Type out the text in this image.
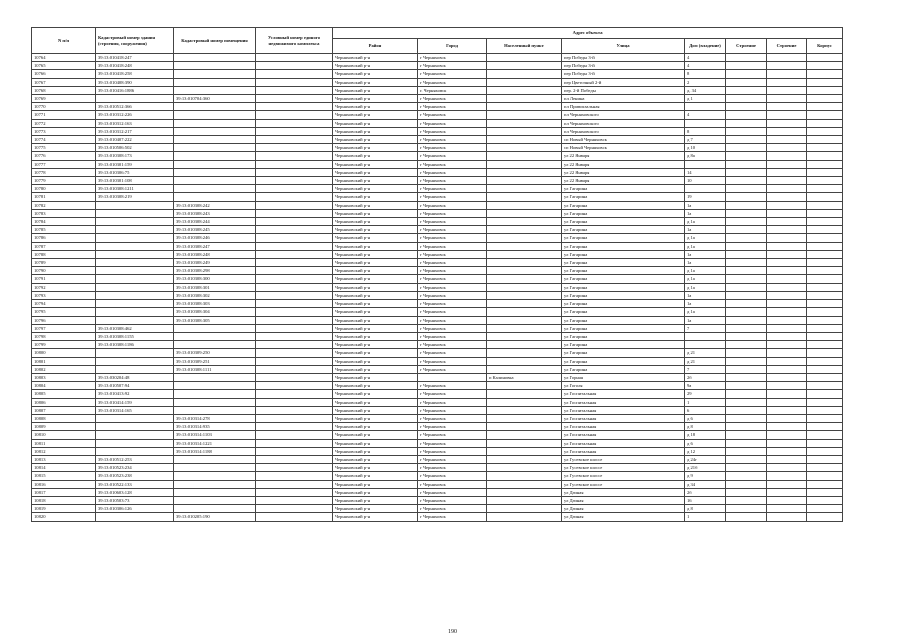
N п/п	Кадастровый номер здания (строения, сооружения)	Кадастровый номер помещения	Условный номер единого недвижимого комплекса	Адрес объекта							
				Район	Город	Населенный пункт	Улица	Дом (владение)	Строение	Строение	Корпус
10764	39:13:010418:247			Черняховский р-н	г Черняховск		пер Победы 3-й	4			
10765	39:13:010418:248			Черняховский р-н	г Черняховск		пер Победы 3-й	4			
10766	39:13:010418:258			Черняховский р-н	г Черняховск		пер Победы 3-й	8			
10767	39:13:010408:390			Черняховский р-н	г Черняховск		пер Цветочный 2-й	2			
10768	39:13:010416:1886			Черняховский р-н	г. Черняховск		пер. 2-й Победы	д. 34			
10769		39:13:010704:360		Черняховский р-н	г Черняховск		пл Ленина	д 1			
10770	39:13:010512:366			Черняховский р-н	г Черняховск		пл Привокзальная				
10771	39:13:010312:226			Черняховский р-н	г Черняховск		пл Черняховского	4			
10772	39:13:010312:163			Черняховский р-н	г Черняховск		пл Черняховского				
10773	39:13:010312:217			Черняховский р-н	г Черняховск		пл Черняховского	8			
10774	39:13:010407:222			Черняховский р-н	г Черняховск		сп Новый Черняховск	д 7			
10775	39:13:010506:502			Черняховский р-н	г Черняховск		сп Новый Черняховск	д 10			
10776	39:13:010308:173			Черняховский р-н	г Черняховск		ул 22 Января	д 8а			
10777	39:13:010301:159			Черняховский р-н	г Черняховск		ул 22 Января				
10778	39:13:010306:75			Черняховский р-н	г Черняховск		ул 22 Января	14			
10779	39:13:010301:108			Черняховский р-н	г Черняховск		ул 22 Января	10			
10780	39:13:010308:1211			Черняховский р-н	г Черняховск		ул Гагарина				
10781	39:13:010308:219			Черняховский р-н	г Черняховск		ул Гагарина	19			
10782		39:13:010308:242		Черняховский р-н	г Черняховск		ул Гагарина	1а			
10783		39:13:010308:243		Черняховский р-н	г Черняховск		ул Гагарина	1а			
10784		39:13:010308:244		Черняховский р-н	г Черняховск		ул Гагарина	д 1а			
10785		39:13:010308:245		Черняховский р-н	г Черняховск		ул Гагарина	1а			
10786		39:13:010308:246		Черняховский р-н	г Черняховск		ул Гагарина	д 1а			
10787		39:13:010308:247		Черняховский р-н	г Черняховск		ул Гагарина	д 1а			
10788		39:13:010308:248		Черняховский р-н	г Черняховск		ул Гагарина	1а			
10789		39:13:010308:249		Черняховский р-н	г Черняховск		ул Гагарина	1а			
10790		39:13:010308:298		Черняховский р-н	г Черняховск		ул Гагарина	д 1а			
10791		39:13:010308:300		Черняховский р-н	г Черняховск		ул Гагарина	д 1а			
10792		39:13:010308:301		Черняховский р-н	г Черняховск		ул Гагарина	д 1а			
10793		39:13:010308:302		Черняховский р-н	г Черняховск		ул Гагарина	1а			
10794		39:13:010308:303		Черняховский р-н	г Черняховск		ул Гагарина	1а			
10795		39:13:010308:304		Черняховский р-н	г Черняховск		ул Гагарина	д 1а			
10796		39:13:010308:305		Черняховский р-н	г Черняховск		ул Гагарина	1а			
10797	39:13:010308:462			Черняховский р-н	г Черняховск		ул Гагарина	7			
10798	39:13:010308:1155			Черняховский р-н	г Черняховск		ул Гагарина				
10799	39:13:010308:1186			Черняховский р-н	г Черняховск		ул Гагарина				
10800		39:13:010309:250		Черняховский р-н	г Черняховск		ул Гагарина	д 21			
10801		39:13:010309:251		Черняховский р-н	г Черняховск		ул Гагарина	д 21			
10802		39:13:010308:1111		Черняховский р-н	г Черняховск		ул Гагарина	7			
10803	39:13:030204:48			Черняховский р-н		п Калиновка	ул Горная	2б			
10804	39:13:010507:94			Черняховский р-н	г Черняховск		ул Гоголя	9а			
10805	39:13:010413:92			Черняховский р-н	г Черняховск		ул Госпитальная	29			
10806	39:13:010414:159			Черняховский р-н	г Черняховск		ул Госпитальная	1			
10807	39:13:010314:165			Черняховский р-н	г Черняховск		ул Госпитальная	6			
10808		39:13:010314:278		Черняховский р-н	г Черняховск		ул Госпитальная	д 6			
10809		39:13:010314:935		Черняховский р-н	г Черняховск		ул Госпитальная	д 8			
10810		39:13:010314:1103		Черняховский р-н	г Черняховск		ул Госпитальная	д 18			
10811		39:13:010314:1221		Черняховский р-н	г Черняховск		ул Госпитальная	д 6			
10812		39:13:010314:1188		Черняховский р-н	г Черняховск		ул Госпитальная	д 12			
10813	39:13:010512:253			Черняховский р-н	г Черняховск		ул Гусевское шоссе	д 24г			
10814	39:13:010523:234			Черняховский р-н	г Черняховск		ул Гусевское шоссе	д 21б			
10815	39:13:010523:238			Черняховский р-н	г Черняховск		ул Гусевское шоссе	д 9			
10816	39:13:010522:133			Черняховский р-н	г Черняховск		ул Гусевское шоссе	д 34			
10817	39:13:010603:128			Черняховский р-н	г Черняховск		ул Дачная	2б			
10818	39:13:010503:73			Черняховский р-н	г Черняховск		ул Дачная	16			
10819	39:13:010306:126			Черняховский р-н	г Черняховск		ул Дачная	д 8			
10820		39:13:010205:190		Черняховский р-н	г Черняховск		ул Дачная	1			
190
